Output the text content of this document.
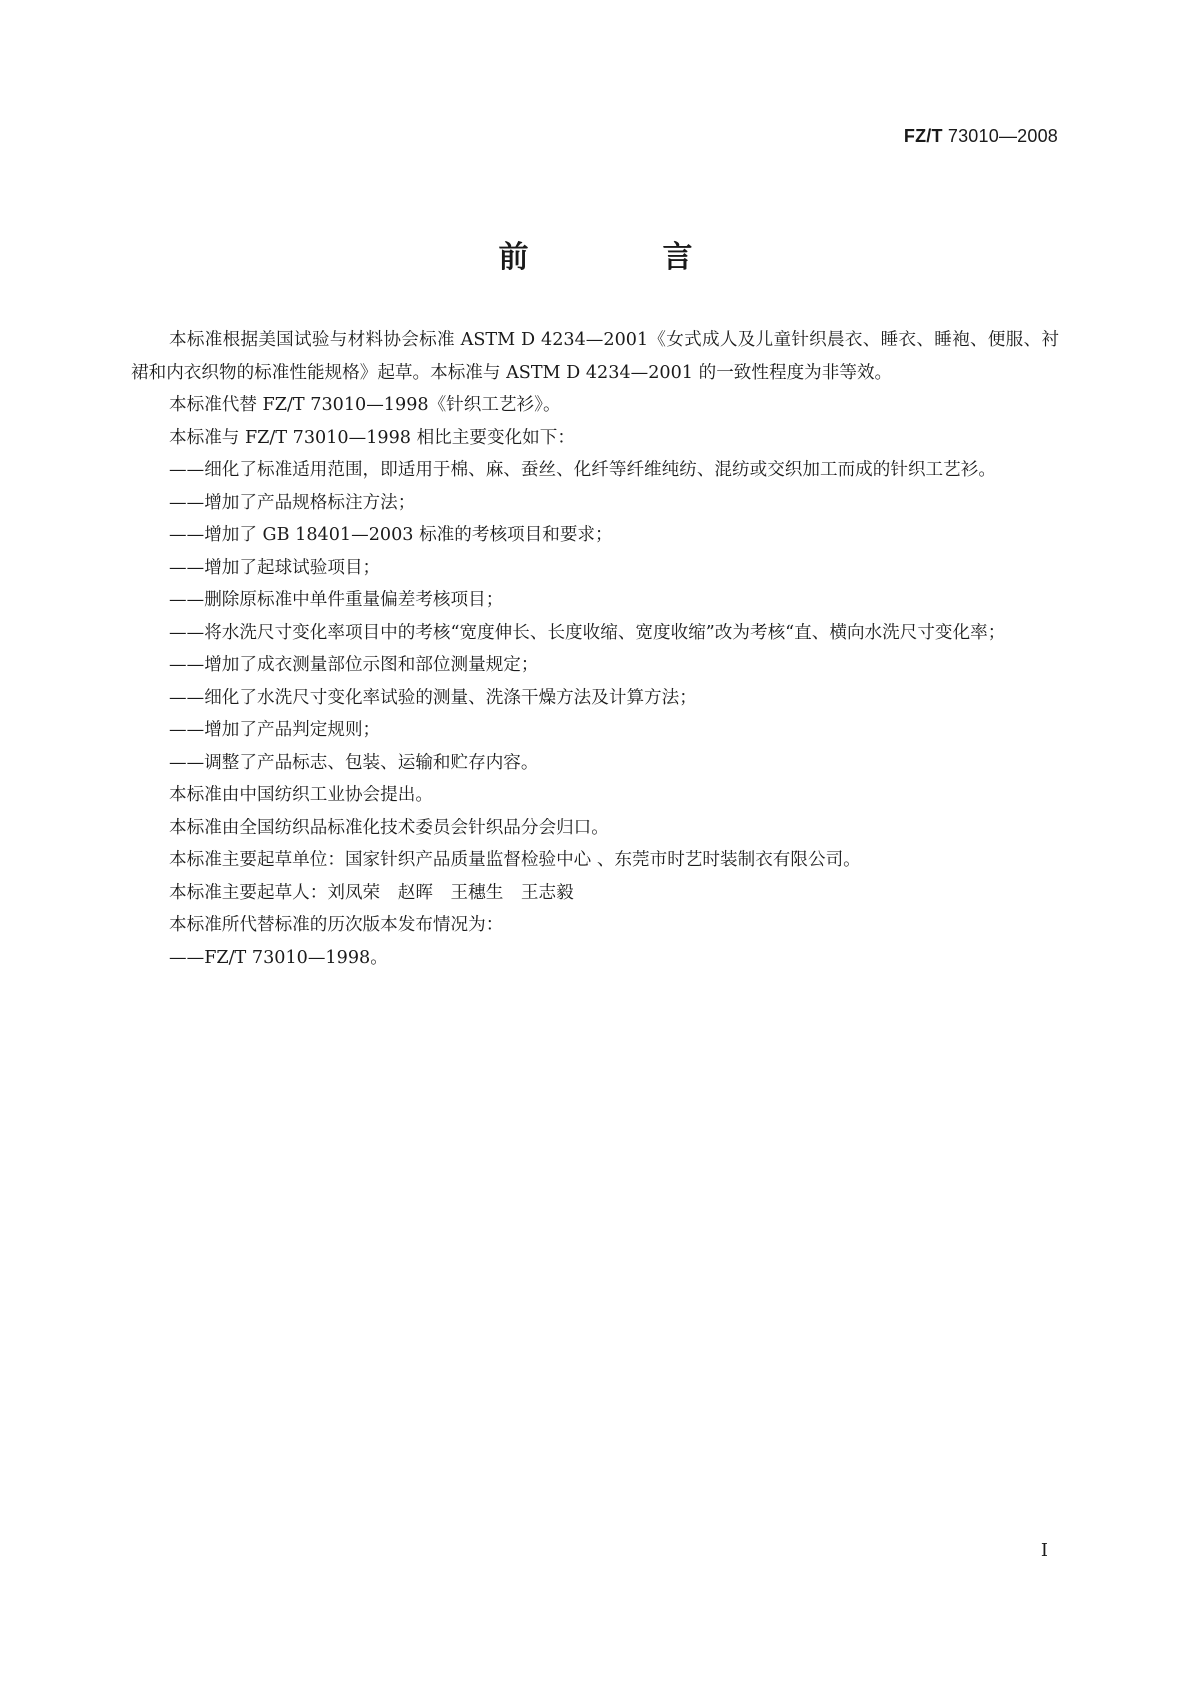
FZ/T 73010—2008
前　言

本标准根据美国试验与材料协会标准 ASTM D 4234—2001《女式成人及儿童针织晨衣、睡衣、睡袍、便服、衬裙和内衣织物的标准性能规格》起草。本标准与 ASTM D 4234—2001 的一致性程度为非等效。

本标准代替 FZ/T 73010—1998《针织工艺衫》。

本标准与 FZ/T 73010—1998 相比主要变化如下：

——细化了标准适用范围，即适用于棉、麻、蚕丝、化纤等纤维纯纺、混纺或交织加工而成的针织工艺衫。

——增加了产品规格标注方法；

——增加了 GB 18401—2003 标准的考核项目和要求；

——增加了起球试验项目；

——删除原标准中单件重量偏差考核项目；

——将水洗尺寸变化率项目中的考核“宽度伸长、长度收缩、宽度收缩”改为考核“直、横向水洗尺寸变化率；

——增加了成衣测量部位示图和部位测量规定；

——细化了水洗尺寸变化率试验的测量、洗涤干燥方法及计算方法；

——增加了产品判定规则；

——调整了产品标志、包装、运输和贮存内容。

本标准由中国纺织工业协会提出。

本标准由全国纺织品标准化技术委员会针织品分会归口。

本标准主要起草单位：国家针织产品质量监督检验中心 、东莞市时艺时装制衣有限公司。

本标准主要起草人：刘凤荣　赵晖　王穗生　王志毅

本标准所代替标准的历次版本发布情况为：

——FZ/T 73010—1998。

I
